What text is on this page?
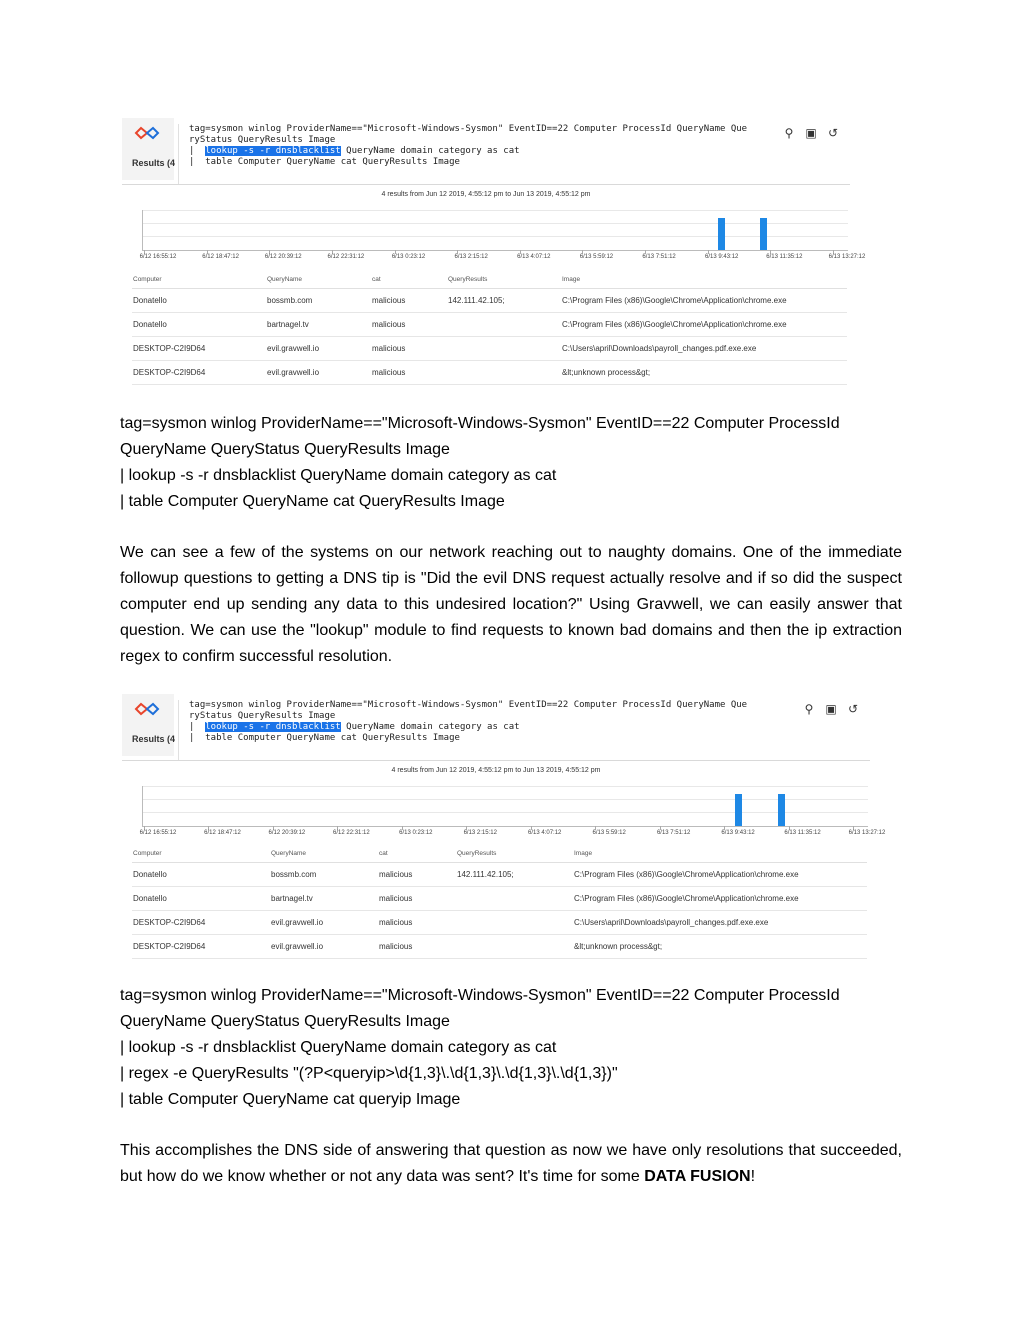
Results (4
tag=sysmon winlog ProviderName=="Microsoft-Windows-Sysmon" EventID==22 Computer ProcessId QueryName Que
ryStatus QueryResults Image
|  lookup -s -r dnsblacklist QueryName domain category as cat
|  table Computer QueryName cat QueryResults Image
⚲ ▣ ↺
4 results from Jun 12 2019, 4:55:12 pm to Jun 13 2019, 4:55:12 pm
6/12 16:55:12	6/12 18:47:12	6/12 20:39:12	6/12 22:31:12	6/13 0:23:12	6/13 2:15:12	6/13 4:07:12	6/13 5:59:12	6/13 7:51:12	6/13 9:43:12	6/13 11:35:12	6/13 13:27:12
Computer	QueryName	cat	QueryResults	Image
Donatello	bossmb.com	malicious	142.111.42.105;	C:\Program Files (x86)\Google\Chrome\Application\chrome.exe
Donatello	bartnagel.tv	malicious		C:\Program Files (x86)\Google\Chrome\Application\chrome.exe
DESKTOP-C2I9D64	evil.gravwell.io	malicious		C:\Users\april\Downloads\payroll_changes.pdf.exe.exe
DESKTOP-C2I9D64	evil.gravwell.io	malicious		&lt;unknown process&gt;
tag=sysmon winlog ProviderName=="Microsoft-Windows-Sysmon" EventID==22 Computer ProcessId
QueryName QueryStatus QueryResults Image
| lookup -s -r dnsblacklist QueryName domain category as cat
| table Computer QueryName cat QueryResults Image
We can see a few of the systems on our network reaching out to naughty domains. One of the immediate followup questions to getting a DNS tip is "Did the evil DNS request actually resolve and if so did the suspect computer end up sending any data to this undesired location?" Using Gravwell, we can easily answer that question. We can use the "lookup" module to find requests to known bad domains and then the ip extraction regex to confirm successful resolution.
Results (4
tag=sysmon winlog ProviderName=="Microsoft-Windows-Sysmon" EventID==22 Computer ProcessId QueryName Que
ryStatus QueryResults Image
|  lookup -s -r dnsblacklist QueryName domain category as cat
|  table Computer QueryName cat QueryResults Image
⚲ ▣ ↺
4 results from Jun 12 2019, 4:55:12 pm to Jun 13 2019, 4:55:12 pm
6/12 16:55:12	6/12 18:47:12	6/12 20:39:12	6/12 22:31:12	6/13 0:23:12	6/13 2:15:12	6/13 4:07:12	6/13 5:59:12	6/13 7:51:12	6/13 9:43:12	6/13 11:35:12	6/13 13:27:12
Computer	QueryName	cat	QueryResults	Image
Donatello	bossmb.com	malicious	142.111.42.105;	C:\Program Files (x86)\Google\Chrome\Application\chrome.exe
Donatello	bartnagel.tv	malicious		C:\Program Files (x86)\Google\Chrome\Application\chrome.exe
DESKTOP-C2I9D64	evil.gravwell.io	malicious		C:\Users\april\Downloads\payroll_changes.pdf.exe.exe
DESKTOP-C2I9D64	evil.gravwell.io	malicious		&lt;unknown process&gt;
tag=sysmon winlog ProviderName=="Microsoft-Windows-Sysmon" EventID==22 Computer ProcessId
QueryName QueryStatus QueryResults Image
| lookup -s -r dnsblacklist QueryName domain category as cat
| regex -e QueryResults "(?P<queryip>\d{1,3}\.\d{1,3}\.\d{1,3}\.\d{1,3})"
| table Computer QueryName cat queryip Image
This accomplishes the DNS side of answering that question as now we have only resolutions that succeeded, but how do we know whether or not any data was sent? It's time for some DATA FUSION!
